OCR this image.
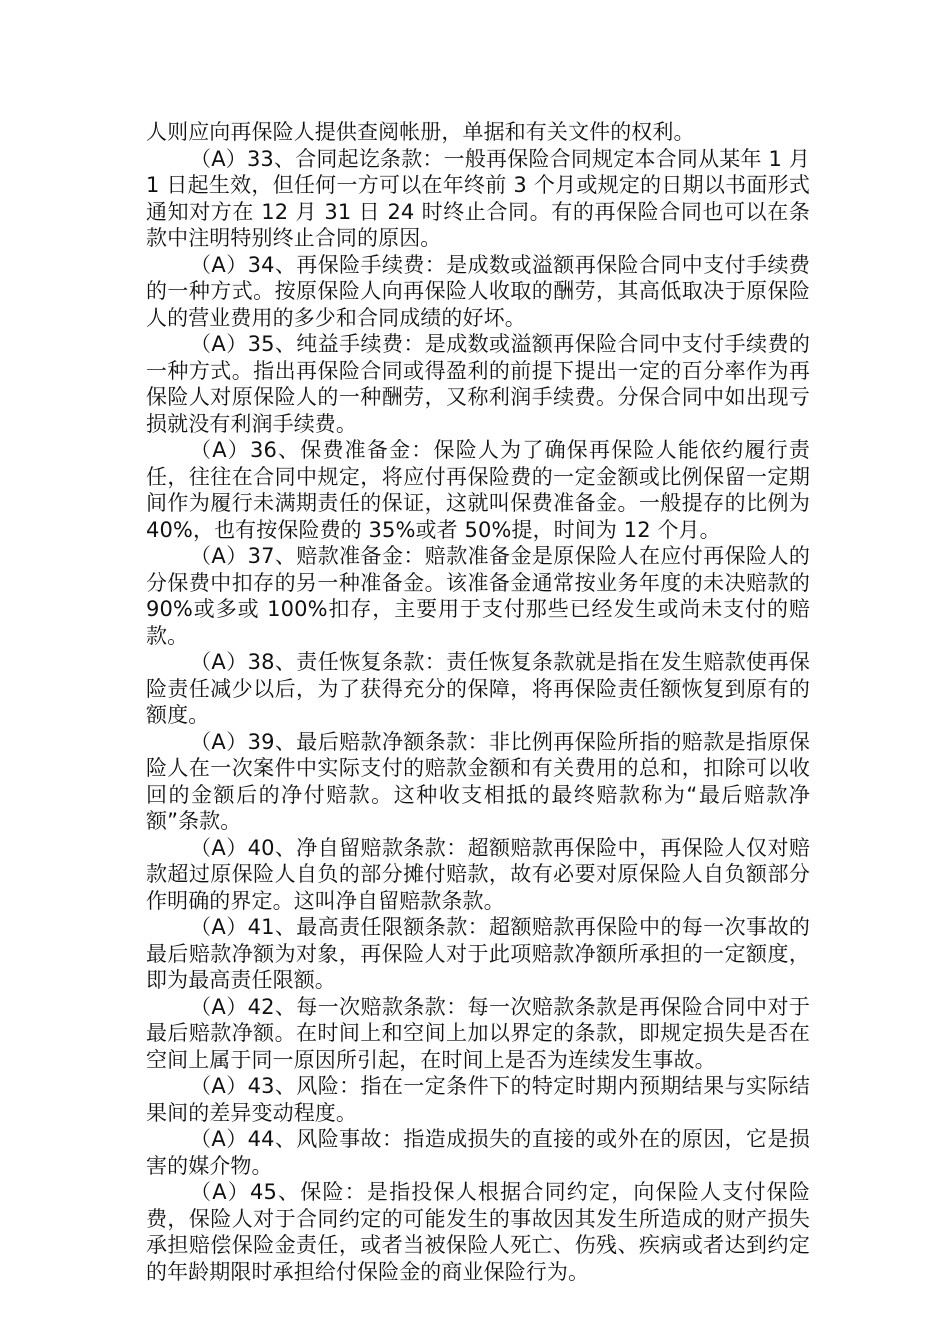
人则应向再保险人提供查阅帐册，单据和有关文件的权利。

（A）33、合同起讫条款：一般再保险合同规定本合同从某年 1 月 1 日起生效，但任何一方可以在年终前 3 个月或规定的日期以书面形式通知对方在 12 月 31 日 24 时终止合同。有的再保险合同也可以在条款中注明特别终止合同的原因。

（A）34、再保险手续费：是成数或溢额再保险合同中支付手续费的一种方式。按原保险人向再保险人收取的酬劳，其高低取决于原保险人的营业费用的多少和合同成绩的好坏。

（A）35、纯益手续费：是成数或溢额再保险合同中支付手续费的一种方式。指出再保险合同或得盈利的前提下提出一定的百分率作为再保险人对原保险人的一种酬劳，又称利润手续费。分保合同中如出现亏损就没有利润手续费。

（A）36、保费准备金：保险人为了确保再保险人能依约履行责任，往往在合同中规定，将应付再保险费的一定金额或比例保留一定期间作为履行未满期责任的保证，这就叫保费准备金。一般提存的比例为 40%，也有按保险费的 35%或者 50%提，时间为 12 个月。

（A）37、赔款准备金：赔款准备金是原保险人在应付再保险人的分保费中扣存的另一种准备金。该准备金通常按业务年度的未决赔款的 90%或多或 100%扣存，主要用于支付那些已经发生或尚未支付的赔款。

（A）38、责任恢复条款：责任恢复条款就是指在发生赔款使再保险责任减少以后，为了获得充分的保障，将再保险责任额恢复到原有的额度。

（A）39、最后赔款净额条款：非比例再保险所指的赔款是指原保险人在一次案件中实际支付的赔款金额和有关费用的总和，扣除可以收回的金额后的净付赔款。这种收支相抵的最终赔款称为“最后赔款净额”条款。

（A）40、净自留赔款条款：超额赔款再保险中，再保险人仅对赔款超过原保险人自负的部分摊付赔款，故有必要对原保险人自负额部分作明确的界定。这叫净自留赔款条款。

（A）41、最高责任限额条款：超额赔款再保险中的每一次事故的最后赔款净额为对象，再保险人对于此项赔款净额所承担的一定额度，即为最高责任限额。

（A）42、每一次赔款条款：每一次赔款条款是再保险合同中对于最后赔款净额。在时间上和空间上加以界定的条款，即规定损失是否在空间上属于同一原因所引起，在时间上是否为连续发生事故。

（A）43、风险：指在一定条件下的特定时期内预期结果与实际结果间的差异变动程度。

（A）44、风险事故：指造成损失的直接的或外在的原因，它是损害的媒介物。

（A）45、保险：是指投保人根据合同约定，向保险人支付保险费，保险人对于合同约定的可能发生的事故因其发生所造成的财产损失承担赔偿保险金责任，或者当被保险人死亡、伤残、疾病或者达到约定的年龄期限时承担给付保险金的商业保险行为。
